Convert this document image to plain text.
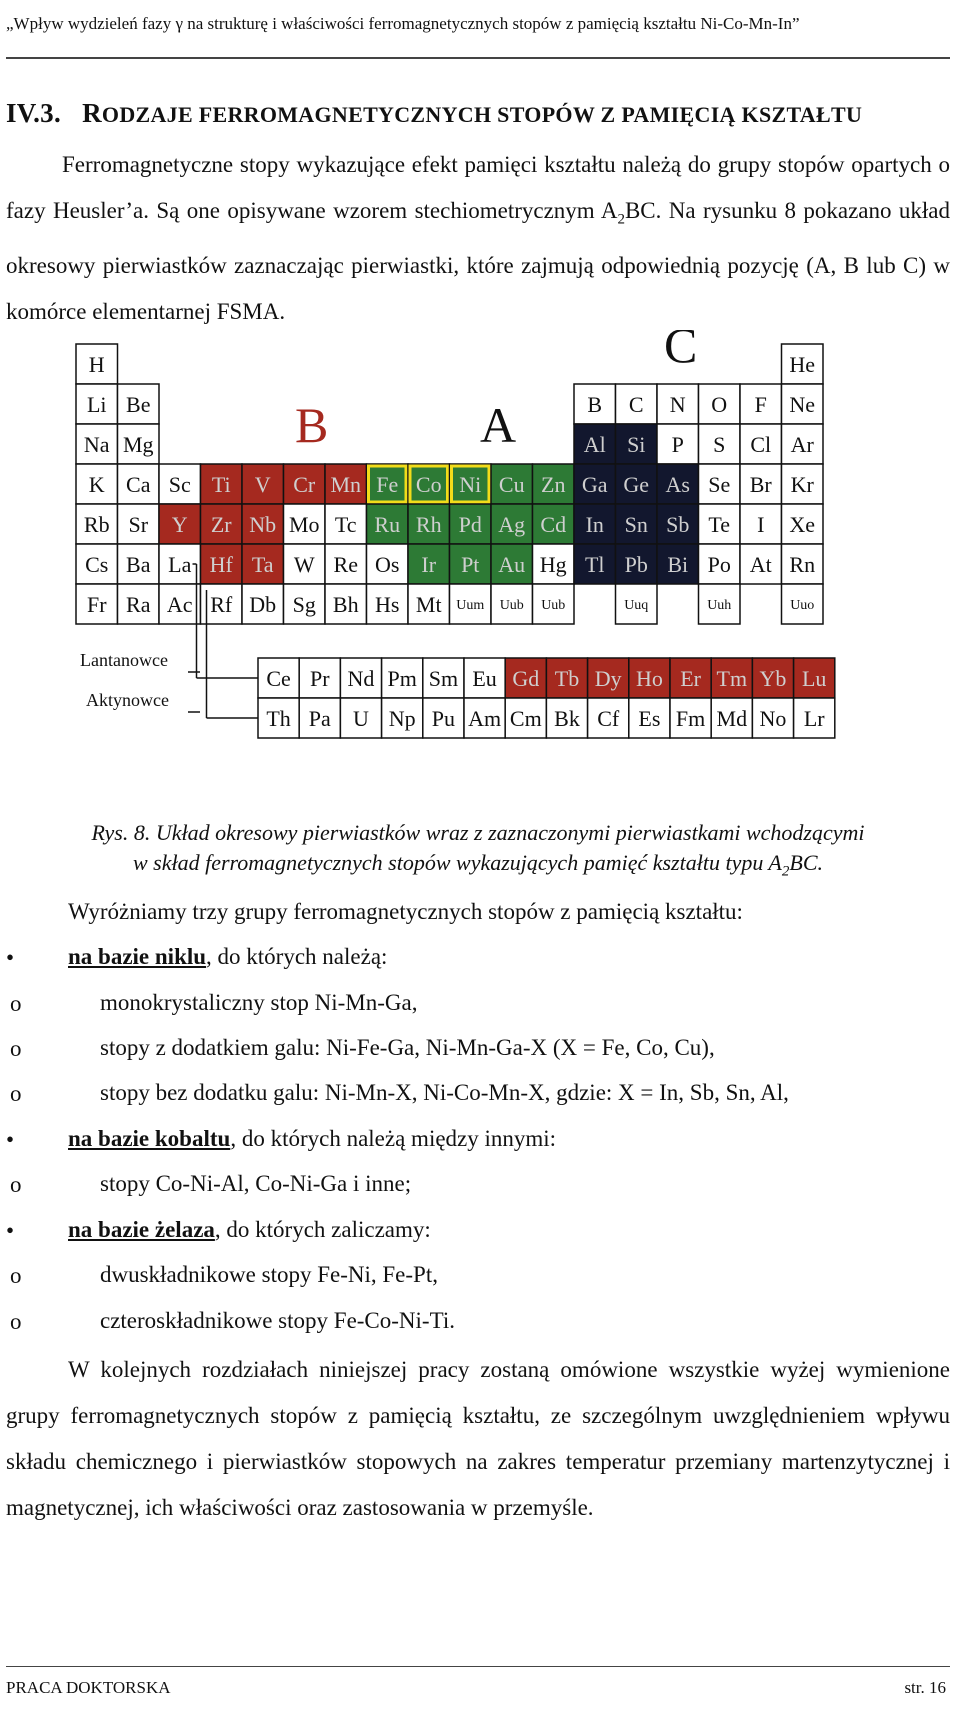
„Wpływ wydzieleń fazy γ na strukturę i właściwości ferromagnetycznych stopów z pamięcią kształtu Ni-Co-Mn-In”
IV.3. RODZAJE FERROMAGNETYCZNYCH STOPÓW Z PAMIĘCIĄ KSZTAŁTU
Ferromagnetyczne stopy wykazujące efekt pamięci kształtu należą do grupy stopów opartych o fazy Heusler’a. Są one opisywane wzorem stechiometrycznym $A_2BC$. Na rysunku 8 pokazano układ okresowy pierwiastków zaznaczając pierwiastki, które zajmują odpowiednią pozycję (A, B lub C) w komórce elementarnej FSMA.
H	He
Li Be	B C N O F Ne
Na Mg	Al Si P S Cl Ar
K Ca Sc Ti V Cr Mn Fe Co Ni Cu Zn Ga Ge As Se Br Kr
Rb Sr Y Zr Nb Mo Tc Ru Rh Pd Ag Cd In Sn Sb Te I Xe
Cs Ba La Hf Ta W Re Os Ir Pt Au Hg Tl Pb Bi Po At Rn
Fr Ra Ac Rf Db Sg Bh Hs Mt Uum Uub Uub	Uuq	Uuh	Uuo
Ce Pr Nd Pm Sm Eu Gd Tb Dy Ho Er Tm Yb Lu
Th Pa U Np Pu Am Cm Bk Cf Es Fm Md No Lr
B	A
C
Lantanowce
Aktynowce
Rys. 8. Układ okresowy pierwiastków wraz z zaznaczonymi pierwiastkami wchodzącymi
w skład ferromagnetycznych stopów wykazujących pamięć kształtu typu $A_2BC$.
Wyróżniamy trzy grupy ferromagnetycznych stopów z pamięcią kształtu:
• na bazie niklu, do których należą:
o	monokrystaliczny stop Ni-Mn-Ga,
o	stopy z dodatkiem galu: Ni-Fe-Ga, Ni-Mn-Ga-X (X = Fe, Co, Cu),
o	stopy bez dodatku galu: Ni-Mn-X, Ni-Co-Mn-X, gdzie: X = In, Sb, Sn, Al,
• na bazie kobaltu, do których należą między innymi:
o	stopy Co-Ni-Al, Co-Ni-Ga i inne;
• na bazie żelaza, do których zaliczamy:
o	dwuskładnikowe stopy Fe-Ni, Fe-Pt,
o	czteroskładnikowe stopy Fe-Co-Ni-Ti.
W kolejnych rozdziałach niniejszej pracy zostaną omówione wszystkie wyżej wymienione grupy ferromagnetycznych stopów z pamięcią kształtu, ze szczególnym uwzględnieniem wpływu składu chemicznego i pierwiastków stopowych na zakres temperatur przemiany martenzytycznej i magnetycznej, ich właściwości oraz zastosowania w przemyśle.
PRACA DOKTORSKA	str. 16
